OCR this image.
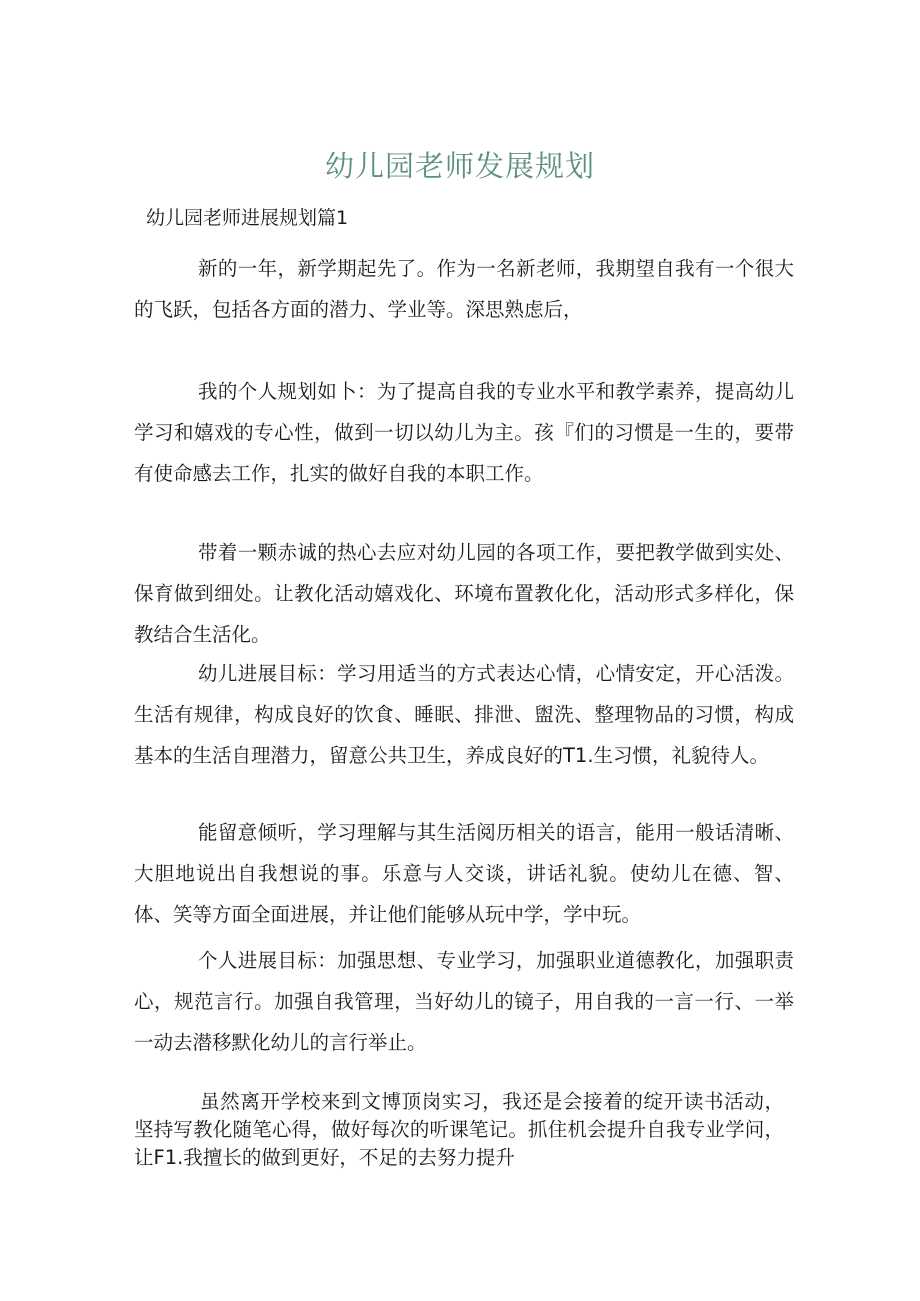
幼儿园老师发展规划

幼儿园老师进展规划篇1

新的一年，新学期起先了。作为一名新老师，我期望自我有一个很大的飞跃，包括各方面的潜力、学业等。深思熟虑后，

我的个人规划如卜：为了提高自我的专业水平和教学素养，提高幼儿学习和嬉戏的专心性，做到一切以幼儿为主。孩『们的习惯是一生的，要带有使命感去工作，扎实的做好自我的本职工作。

带着一颗赤诚的热心去应对幼儿园的各项工作，要把教学做到实处、保育做到细处。让教化活动嬉戏化、环境布置教化化，活动形式多样化，保教结合生活化。

幼儿进展目标：学习用适当的方式表达心情，心情安定，开心活泼。生活有规律，构成良好的饮食、睡眠、排泄、盥洗、整理物品的习惯，构成基本的生活自理潜力，留意公共卫生，养成良好的T1.生习惯，礼貌待人。

能留意倾听，学习理解与其生活阅历相关的语言，能用一般话清晰、大胆地说出自我想说的事。乐意与人交谈，讲话礼貌。使幼儿在德、智、体、笑等方面全面进展，并让他们能够从玩中学，学中玩。

个人进展目标：加强思想、专业学习，加强职业道德教化，加强职责心，规范言行。加强自我管理，当好幼儿的镜子，用自我的一言一行、一举一动去潜移默化幼儿的言行举止。

虽然离开学校来到文博顶岗实习，我还是会接着的绽开读书活动，坚持写教化随笔心得，做好每次的听课笔记。抓住机会提升自我专业学问，让F1.我擅长的做到更好，不足的去努力提升
